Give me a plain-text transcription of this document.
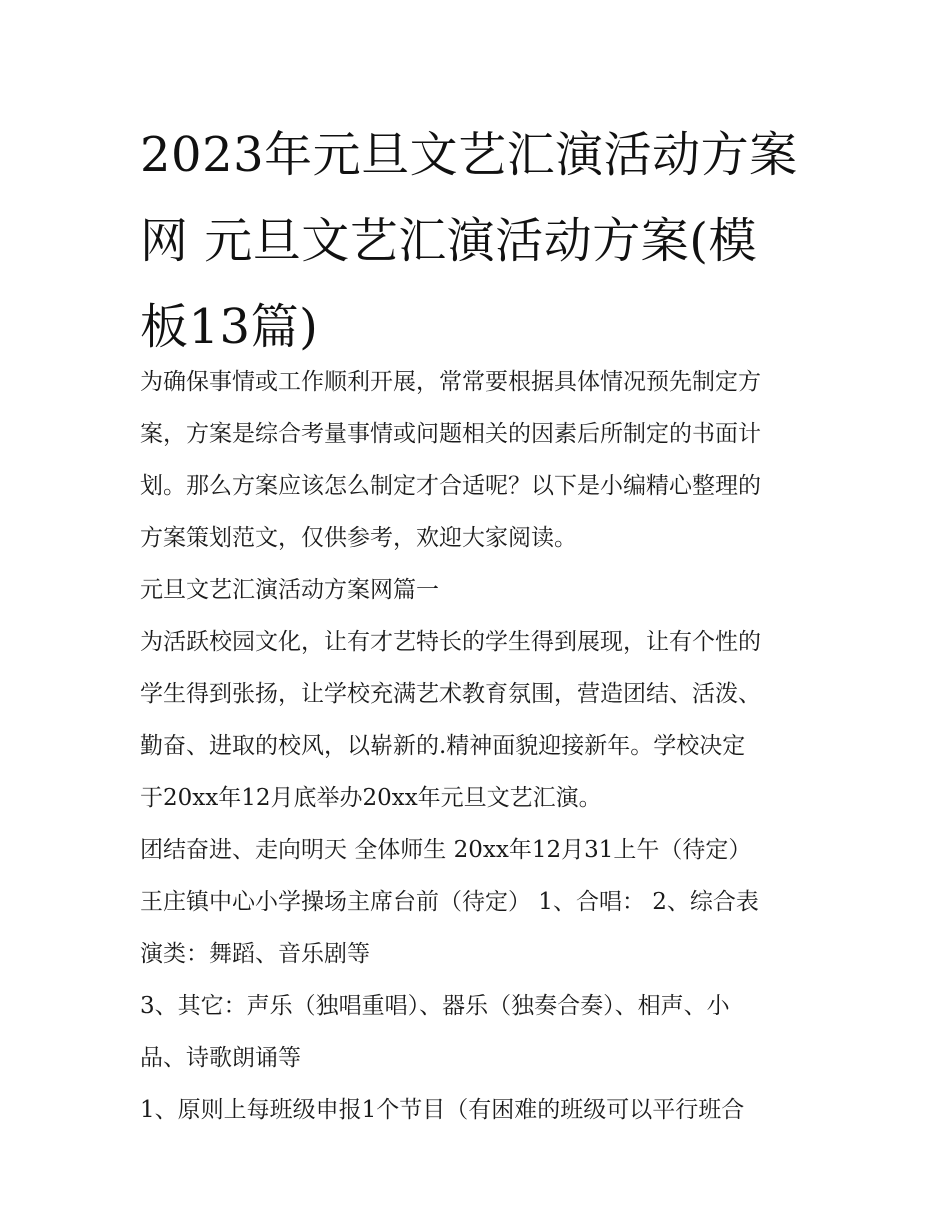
2023年元旦文艺汇演活动方案
网 元旦文艺汇演活动方案(模
板13篇)
为确保事情或工作顺利开展，常常要根据具体情况预先制定方
案，方案是综合考量事情或问题相关的因素后所制定的书面计
划。那么方案应该怎么制定才合适呢？以下是小编精心整理的
方案策划范文，仅供参考，欢迎大家阅读。
元旦文艺汇演活动方案网篇一
为活跃校园文化，让有才艺特长的学生得到展现，让有个性的
学生得到张扬，让学校充满艺术教育氛围，营造团结、活泼、
勤奋、进取的校风，以崭新的.精神面貌迎接新年。学校决定
于20xx年12月底举办20xx年元旦文艺汇演。
团结奋进、走向明天 全体师生 20xx年12月31上午（待定）
王庄镇中心小学操场主席台前（待定） 1、合唱： 2、综合表
演类：舞蹈、音乐剧等
3、其它：声乐（独唱重唱）、器乐（独奏合奏）、相声、小
品、诗歌朗诵等
1、原则上每班级申报1个节目（有困难的班级可以平行班合
